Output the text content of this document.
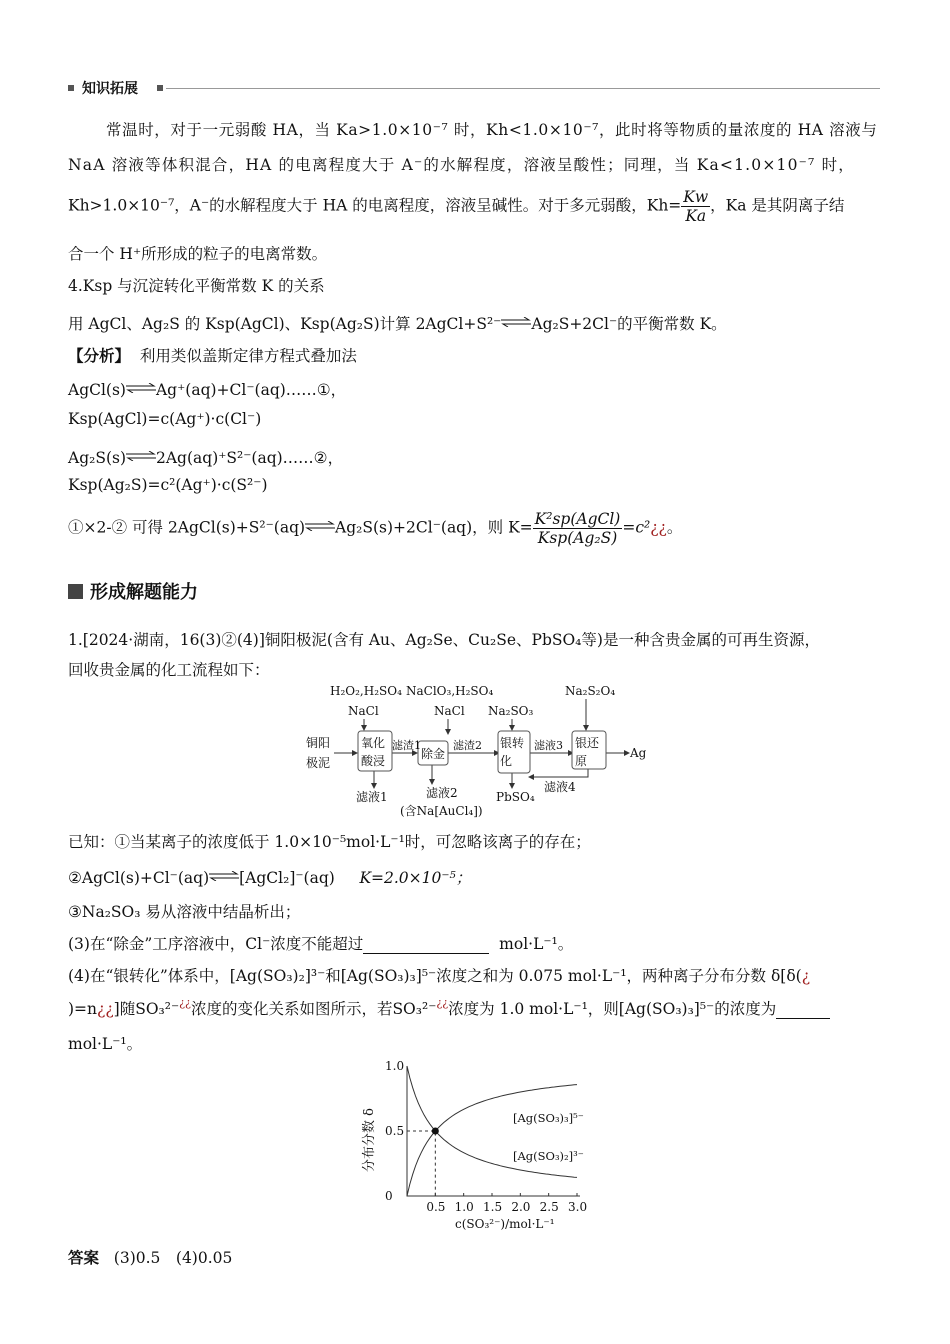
知识拓展
常温时，对于一元弱酸 HA，当 Ka>1.0×10⁻⁷ 时，Kh<1.0×10⁻⁷，此时将等物质的量浓度的 HA 溶液与
NaA 溶液等体积混合，HA 的电离程度大于 A⁻的水解程度，溶液呈酸性；同理，当 Ka<1.0×10⁻⁷ 时，
Kh>1.0×10⁻⁷，A⁻的水解程度大于 HA 的电离程度，溶液呈碱性。对于多元弱酸，$Kh= \frac{Kw}{Ka}$ ，Ka 是其阴离子结
合一个 H⁺所形成的粒子的电离常数。
4.Ksp 与沉淀转化平衡常数 K 的关系
用 AgCl、Ag₂S 的 Ksp(AgCl)、Ksp(Ag₂S)计算 2AgCl+S²⁻⇌Ag₂S+2Cl⁻的平衡常数 K。
【分析】 利用类似盖斯定律方程式叠加法
AgCl(s)⇌Ag⁺(aq)+Cl⁻(aq)……①，
Ksp(AgCl)=c(Ag⁺)·c(Cl⁻)
Ag₂S(s)⇌2Ag(aq)⁺S²⁻(aq)……②，
Ksp(Ag₂S)=c²(Ag⁺)·c(S²⁻)
①×2-② 可得 2AgCl(s)+S²⁻(aq)⇌Ag₂S(s)+2Cl⁻(aq)，则 $K= \frac{\text{K²sp(AgCl)}}{\text{Ksp(Ag₂S)}}$ =c²¿¿。
形成解题能力
1.[2024·湖南，16(3)②(4)]铜阳极泥(含有 Au、Ag₂Se、Cu₂Se、PbSO₄等)是一种含贵金属的可再生资源，
回收贵金属的化工流程如下：
H₂O₂,H₂SO₄
NaCl
NaClO₃,H₂SO₄
NaCl Na₂SO₃
Na₂S₂O₄
铜阳
极泥
氧化
酸浸	除金
银转
化
银还
原
滤渣1	滤渣2	滤液3
Ag
滤液1	滤液2
(含Na[AuCl₄])
PbSO₄
滤液4
已知：①当某离子的浓度低于 1.0×10⁻⁵mol·L⁻¹时，可忽略该离子的存在；
②AgCl(s)+Cl⁻(aq)⇌[AgCl₂]⁻(aq) K=2.0×10⁻⁵；
③Na₂SO₃ 易从溶液中结晶析出；
(3)在“除金”工序溶液中，Cl⁻浓度不能超过	mol·L⁻¹。
(4)在“银转化”体系中，[Ag(SO₃)₂]³⁻和[Ag(SO₃)₃]⁵⁻浓度之和为 0.075 mol·L⁻¹，两种离子分布分数 δ[δ(¿
)=n¿¿]随SO₃²⁻¿¿浓度的变化关系如图所示，若SO₃²⁻¿¿浓度为 1.0 mol·L⁻¹，则[Ag(SO₃)₃]⁵⁻的浓度为
mol·L⁻¹。
0.5 1.0 1.5 2.0 2.5 3.0
0
0.5
1.0
[Ag(SO₃)₃]⁵⁻
[Ag(SO₃)₂]³⁻
分布分数 δ
c(SO₃²⁻)/mol·L⁻¹
答案 (3)0.5　(4)0.05
